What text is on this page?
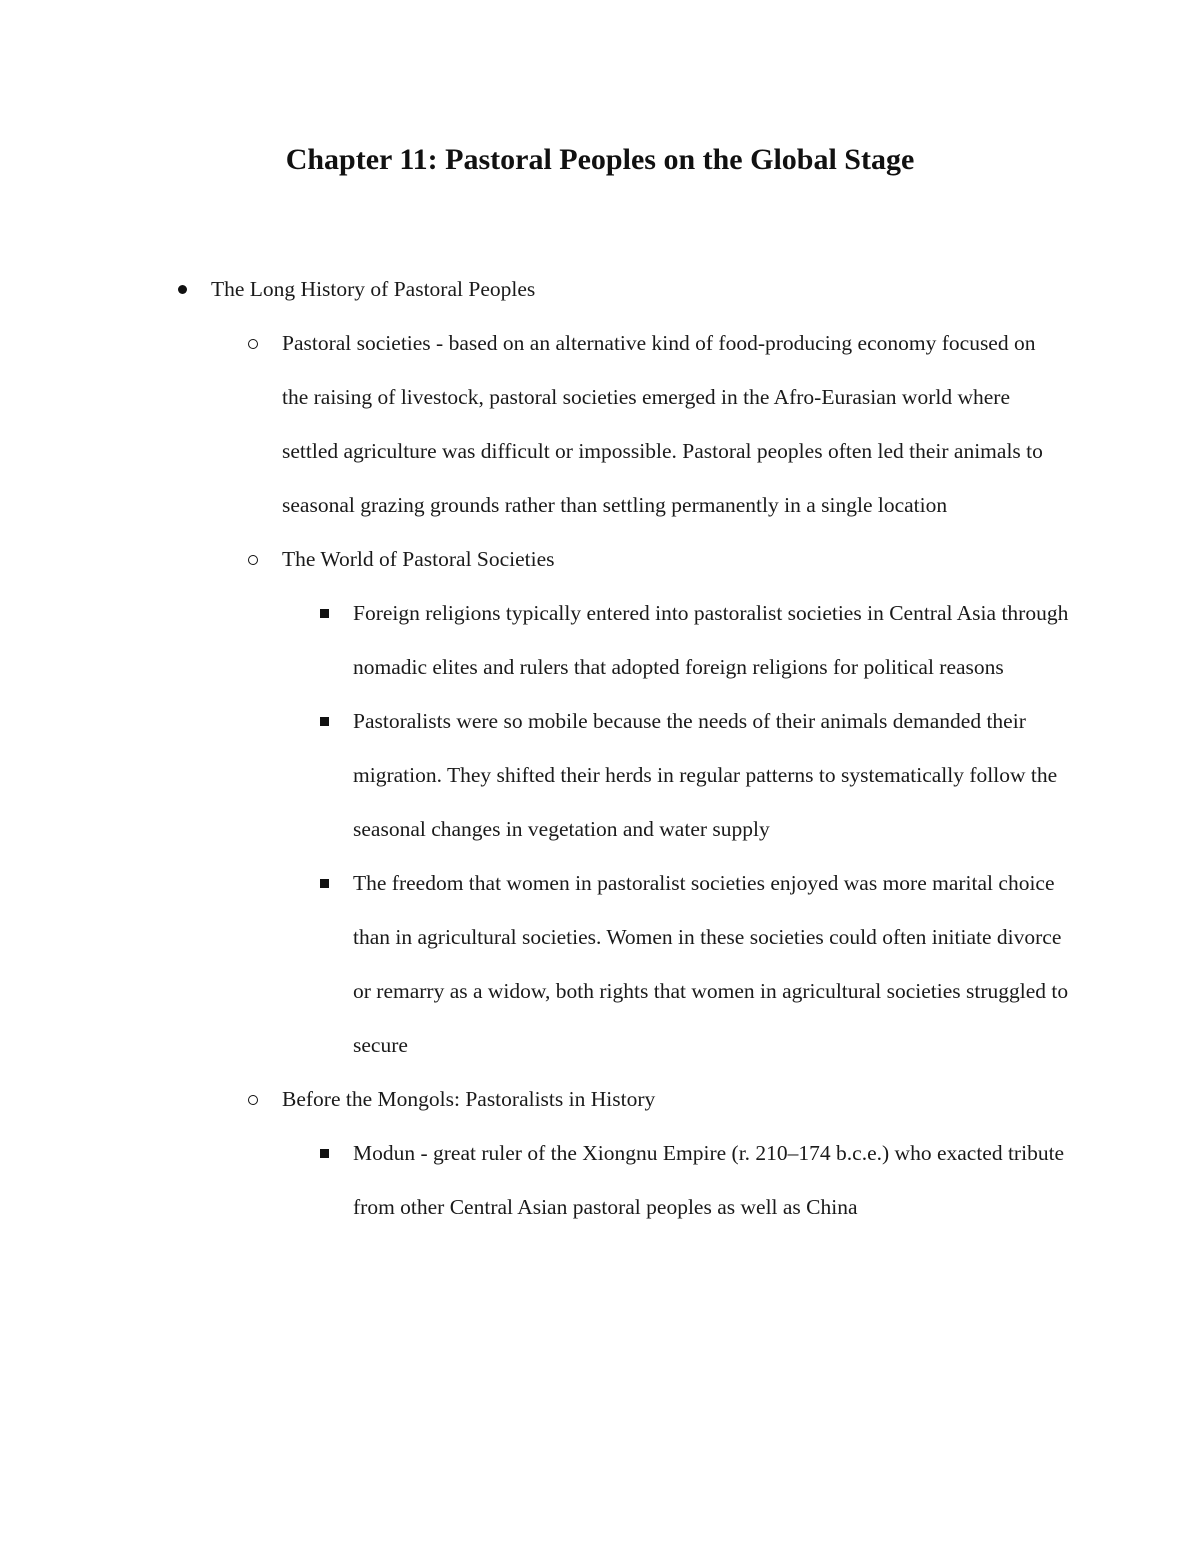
Chapter 11: Pastoral Peoples on the Global Stage
The Long History of Pastoral Peoples
Pastoral societies - based on an alternative kind of food-producing economy focused on the raising of livestock, pastoral societies emerged in the Afro-Eurasian world where settled agriculture was difficult or impossible. Pastoral peoples often led their animals to seasonal grazing grounds rather than settling permanently in a single location
The World of Pastoral Societies
Foreign religions typically entered into pastoralist societies in Central Asia through nomadic elites and rulers that adopted foreign religions for political reasons
Pastoralists were so mobile because the needs of their animals demanded their migration. They shifted their herds in regular patterns to systematically follow the seasonal changes in vegetation and water supply
The freedom that women in pastoralist societies enjoyed was more marital choice than in agricultural societies. Women in these societies could often initiate divorce or remarry as a widow, both rights that women in agricultural societies struggled to secure
Before the Mongols: Pastoralists in History
Modun - great ruler of the Xiongnu Empire (r. 210–174 b.c.e.) who exacted tribute from other Central Asian pastoral peoples as well as China
